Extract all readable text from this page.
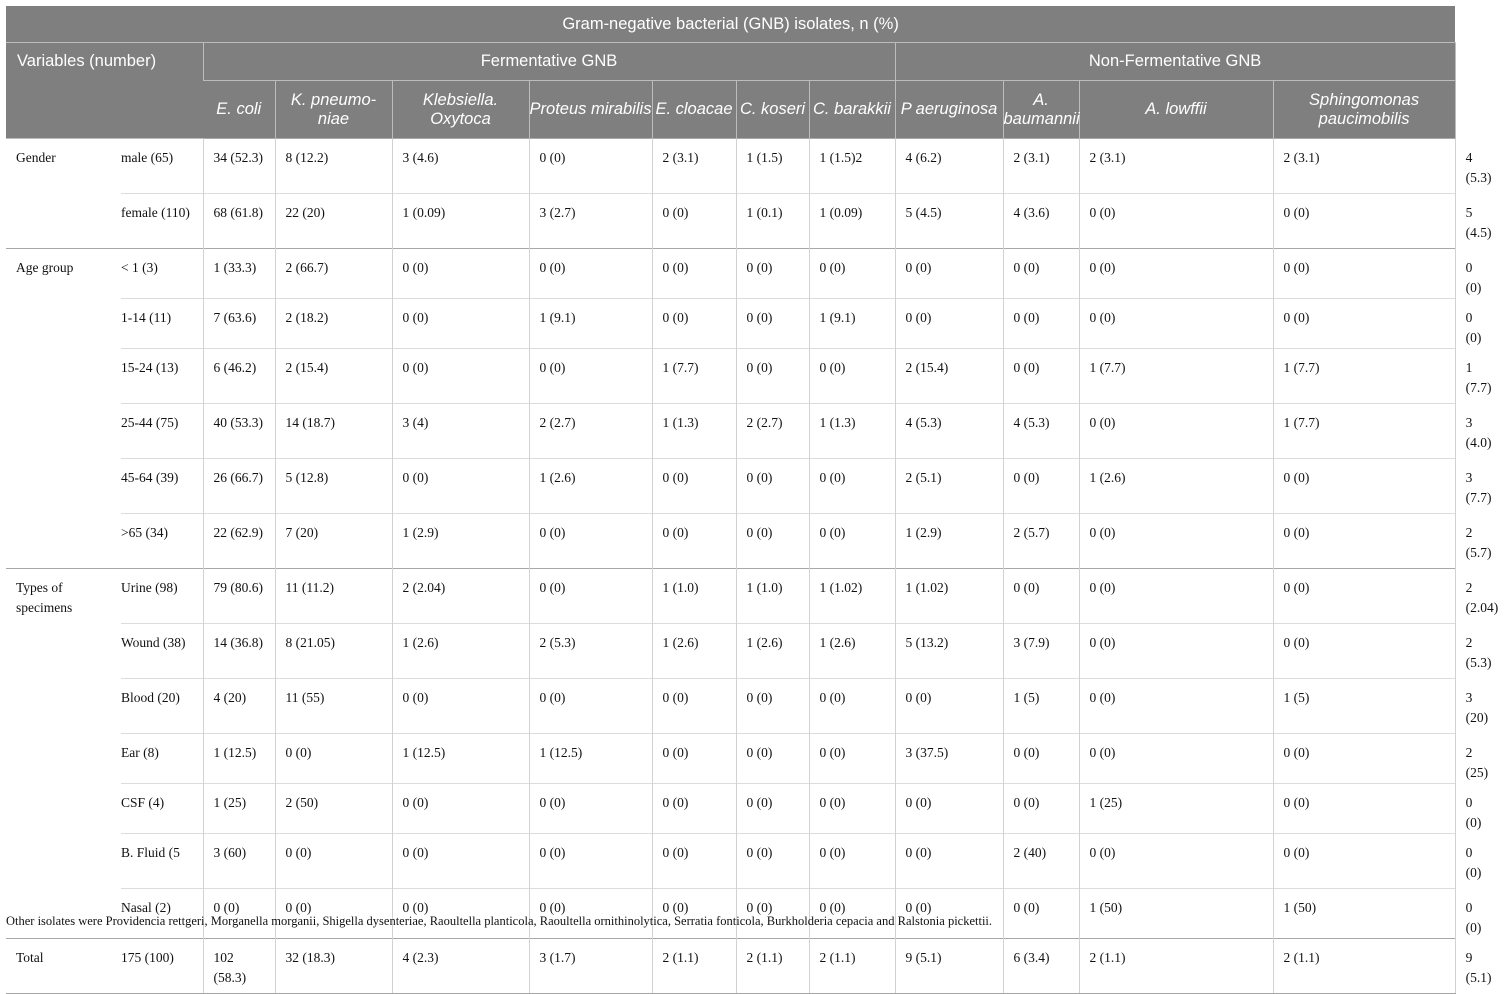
Gram-negative bacterial (GNB) isolates, n (%)													
Variables (number)		Fermentative GNB							Non-Fermentative GNB				Others
		E. coli	K. pneumo-niae	Klebsiella. Oxytoca	Proteus mirabilis	E. cloacae	C. koseri	C. barakkii	P aeruginosa	A. baumannii	A. lowffii	Sphingomonas paucimobilis	
Gender	male (65)	34 (52.3)	8 (12.2)	3 (4.6)	0 (0)	2 (3.1)	1 (1.5)	1 (1.5)2	4 (6.2)	2 (3.1)	2 (3.1)	2 (3.1)	4 (5.3)
	female (110)	68 (61.8)	22 (20)	1 (0.09)	3 (2.7)	0 (0)	1 (0.1)	1 (0.09)	5 (4.5)	4 (3.6)	0 (0)	0 (0)	5 (4.5)
Age group	< 1 (3)	1 (33.3)	2 (66.7)	0 (0)	0 (0)	0 (0)	0 (0)	0 (0)	0 (0)	0 (0)	0 (0)	0 (0)	0 (0)
	1-14 (11)	7 (63.6)	2 (18.2)	0 (0)	1 (9.1)	0 (0)	0 (0)	1 (9.1)	0 (0)	0 (0)	0 (0)	0 (0)	0 (0)
	15-24 (13)	6 (46.2)	2 (15.4)	0 (0)	0 (0)	1 (7.7)	0 (0)	0 (0)	2 (15.4)	0 (0)	1 (7.7)	1 (7.7)	1 (7.7)
	25-44 (75)	40 (53.3)	14 (18.7)	3 (4)	2 (2.7)	1 (1.3)	2 (2.7)	1 (1.3)	4 (5.3)	4 (5.3)	0 (0)	1 (7.7)	3 (4.0)
	45-64 (39)	26 (66.7)	5 (12.8)	0 (0)	1 (2.6)	0 (0)	0 (0)	0 (0)	2 (5.1)	0 (0)	1 (2.6)	0 (0)	3 (7.7)
	>65 (34)	22 (62.9)	7 (20)	1 (2.9)	0 (0)	0 (0)	0 (0)	0 (0)	1 (2.9)	2 (5.7)	0 (0)	0 (0)	2 (5.7)
Types of specimens	Urine (98)	79 (80.6)	11 (11.2)	2 (2.04)	0 (0)	1 (1.0)	1 (1.0)	1 (1.02)	1 (1.02)	0 (0)	0 (0)	0 (0)	2 (2.04)
	Wound (38)	14 (36.8)	8 (21.05)	1 (2.6)	2 (5.3)	1 (2.6)	1 (2.6)	1 (2.6)	5 (13.2)	3 (7.9)	0 (0)	0 (0)	2 (5.3)
	Blood (20)	4 (20)	11 (55)	0 (0)	0 (0)	0 (0)	0 (0)	0 (0)	0 (0)	1 (5)	0 (0)	1 (5)	3 (20)
	Ear (8)	1 (12.5)	0 (0)	1 (12.5)	1 (12.5)	0 (0)	0 (0)	0 (0)	3 (37.5)	0 (0)	0 (0)	0 (0)	2 (25)
	CSF (4)	1 (25)	2 (50)	0 (0)	0 (0)	0 (0)	0 (0)	0 (0)	0 (0)	0 (0)	1 (25)	0 (0)	0 (0)
	B. Fluid (5	3 (60)	0 (0)	0 (0)	0 (0)	0 (0)	0 (0)	0 (0)	0 (0)	2 (40)	0 (0)	0 (0)	0 (0)
	Nasal (2)	0 (0)	0 (0)	0 (0)	0 (0)	0 (0)	0 (0)	0 (0)	0 (0)	0 (0)	1 (50)	1 (50)	0 (0)
Total	175 (100)	102 (58.3)	32 (18.3)	4 (2.3)	3 (1.7)	2 (1.1)	2 (1.1)	2 (1.1)	9 (5.1)	6 (3.4)	2 (1.1)	2 (1.1)	9 (5.1)
Other isolates were Providencia rettgeri, Morganella morganii, Shigella dysenteriae, Raoultella planticola, Raoultella ornithinolytica, Serratia fonticola, Burkholderia cepacia and Ralstonia pickettii.
